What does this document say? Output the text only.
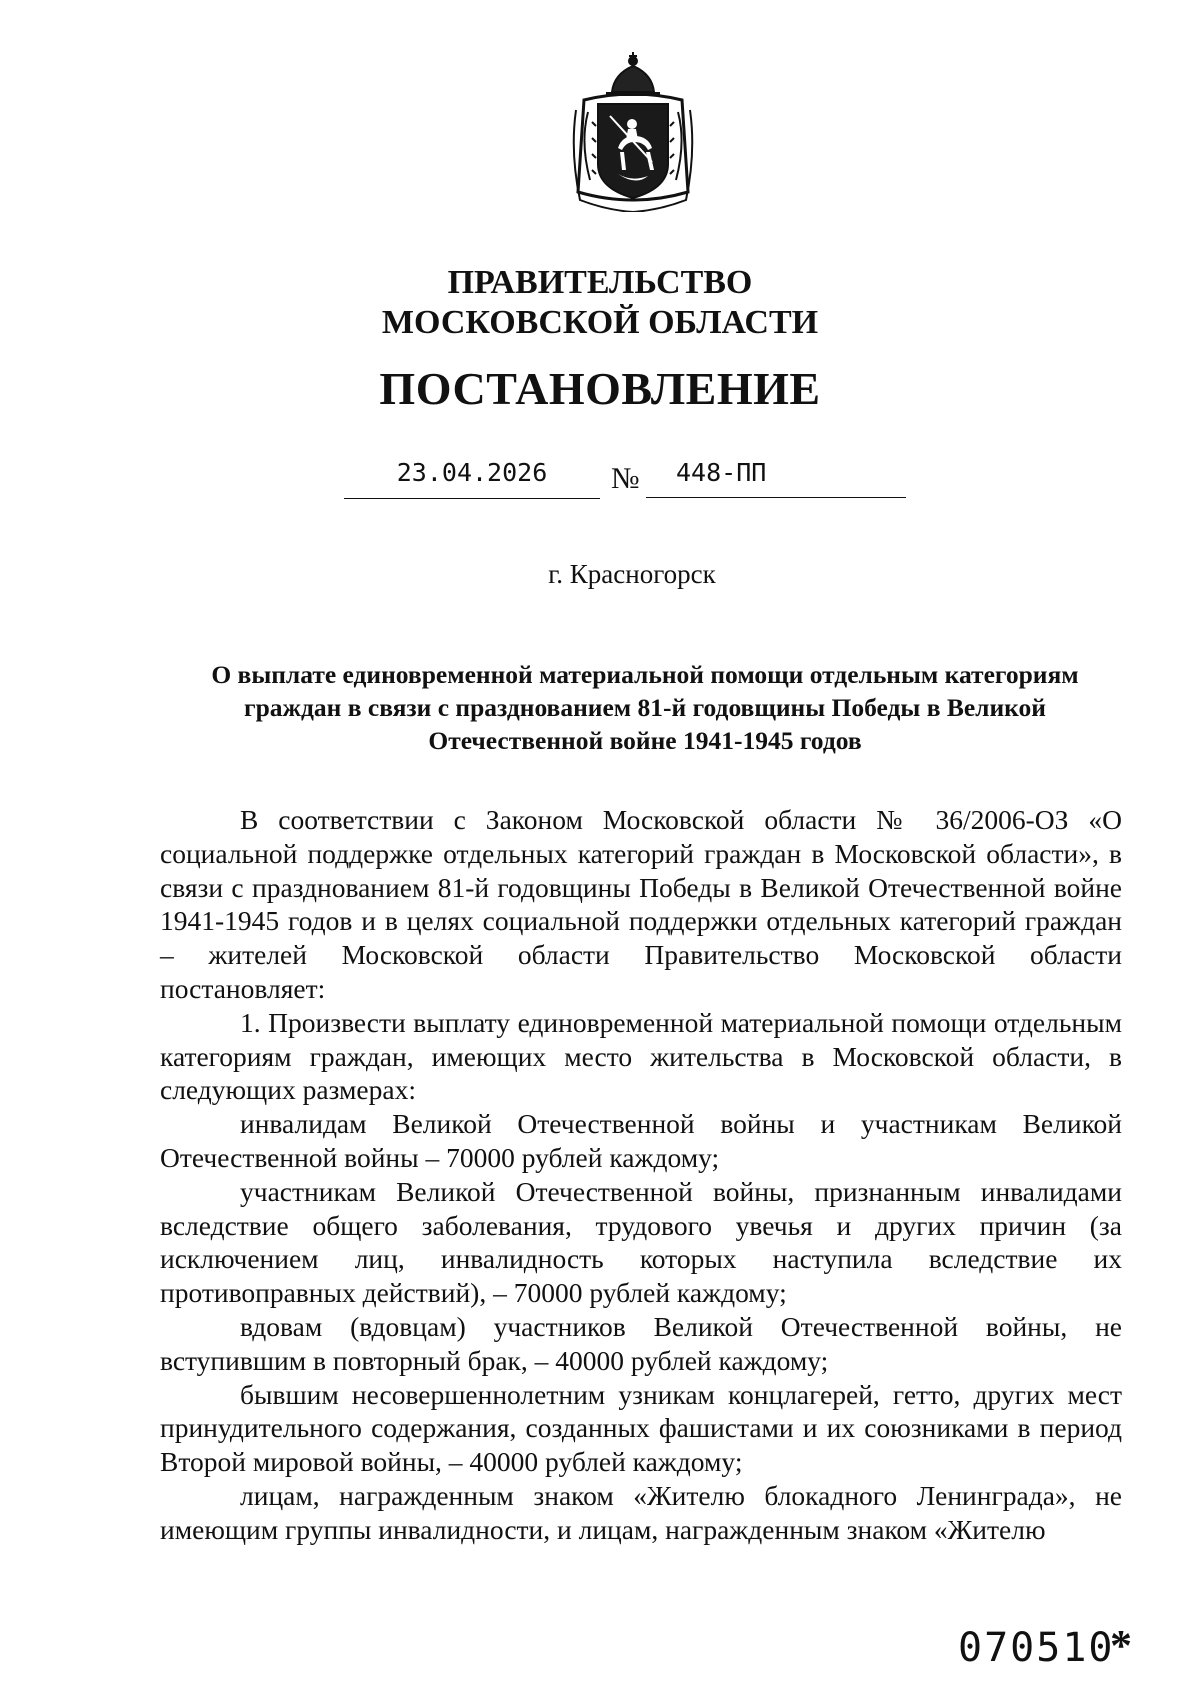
ПРАВИТЕЛЬСТВО
МОСКОВСКОЙ ОБЛАСТИ
ПОСТАНОВЛЕНИЕ
23.04.2026	№	448-ПП
г. Красногорск
О выплате единовременной материальной помощи отдельным категориям граждан в связи с празднованием 81-й годовщины Победы в Великой Отечественной войне 1941-1945 годов

В соответствии с Законом Московской области № 36/2006-ОЗ «О социальной поддержке отдельных категорий граждан в Московской области», в связи с празднованием 81-й годовщины Победы в Великой Отечественной войне 1941-1945 годов и в целях социальной поддержки отдельных категорий граждан – жителей Московской области Правительство Московской области постановляет:

1. Произвести выплату единовременной материальной помощи отдельным категориям граждан, имеющих место жительства в Московской области, в следующих размерах:

инвалидам Великой Отечественной войны и участникам Великой Отечественной войны – 70000 рублей каждому;

участникам Великой Отечественной войны, признанным инвалидами вследствие общего заболевания, трудового увечья и других причин (за исключением лиц, инвалидность которых наступила вследствие их противоправных действий), – 70000 рублей каждому;

вдовам (вдовцам) участников Великой Отечественной войны, не вступившим в повторный брак, – 40000 рублей каждому;

бывшим несовершеннолетним узникам концлагерей, гетто, других мест принудительного содержания, созданных фашистами и их союзниками в период Второй мировой войны, – 40000 рублей каждому;

лицам, награжденным знаком «Жителю блокадного Ленинграда», не имеющим группы инвалидности, и лицам, награжденным знаком «Жителю

070510
*
